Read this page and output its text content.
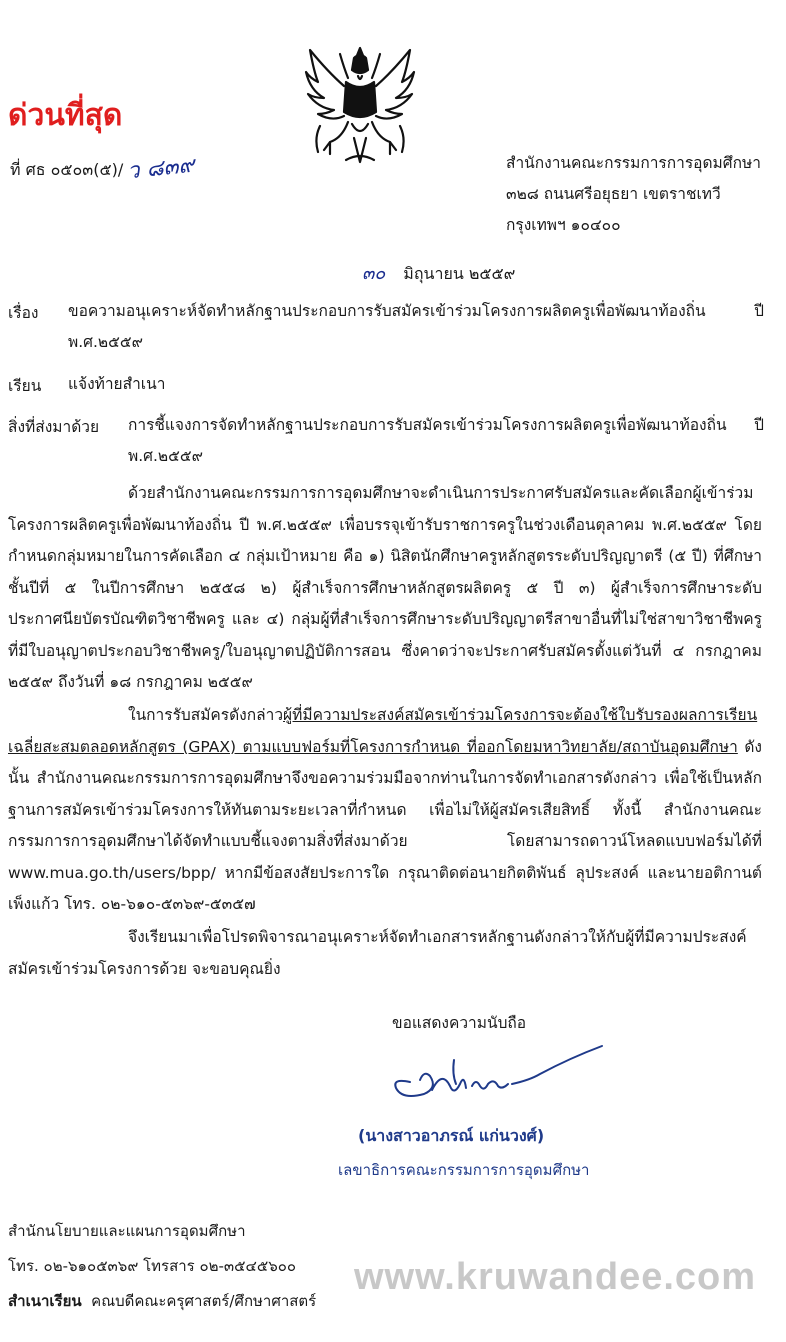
ด่วนที่สุด
ที่ ศธ ๐๕๐๓(๕)/ ว ๘๓๙	สำนักงานคณะกรรมการการอุดมศึกษา
๓๒๘ ถนนศรีอยุธยา เขตราชเทวี
กรุงเทพฯ ๑๐๔๐๐
๓๐ มิถุนายน ๒๕๕๙
เรื่อง ขอความอนุเคราะห์จัดทำหลักฐานประกอบการรับสมัครเข้าร่วมโครงการผลิตครูเพื่อพัฒนาท้องถิ่น ปี พ.ศ.๒๕๕๙
เรียน แจ้งท้ายสำเนา
สิ่งที่ส่งมาด้วย การชี้แจงการจัดทำหลักฐานประกอบการรับสมัครเข้าร่วมโครงการผลิตครูเพื่อพัฒนาท้องถิ่น ปี พ.ศ.๒๕๕๙
ด้วยสำนักงานคณะกรรมการการอุดมศึกษาจะดำเนินการประกาศรับสมัครและคัดเลือกผู้เข้าร่วมโครงการผลิตครูเพื่อพัฒนาท้องถิ่น ปี พ.ศ.๒๕๕๙ เพื่อบรรจุเข้ารับราชการครูในช่วงเดือนตุลาคม พ.ศ.๒๕๕๙ โดยกำหนดกลุ่มหมายในการคัดเลือก ๔ กลุ่มเป้าหมาย คือ ๑) นิสิตนักศึกษาครูหลักสูตรระดับปริญญาตรี (๕ ปี) ที่ศึกษาชั้นปีที่ ๕ ในปีการศึกษา ๒๕๕๘ ๒) ผู้สำเร็จการศึกษาหลักสูตรผลิตครู ๕ ปี ๓) ผู้สำเร็จการศึกษาระดับประกาศนียบัตรบัณฑิตวิชาชีพครู และ ๔) กลุ่มผู้ที่สำเร็จการศึกษาระดับปริญญาตรีสาขาอื่นที่ไม่ใช่สาขาวิชาชีพครูที่มีใบอนุญาตประกอบวิชาชีพครู/ใบอนุญาตปฏิบัติการสอน ซึ่งคาดว่าจะประกาศรับสมัครตั้งแต่วันที่ ๔ กรกฎาคม ๒๕๕๙ ถึงวันที่ ๑๘ กรกฎาคม ๒๕๕๙
ในการรับสมัครดังกล่าวผู้ที่มีความประสงค์สมัครเข้าร่วมโครงการจะต้องใช้ใบรับรองผลการเรียนเฉลี่ยสะสมตลอดหลักสูตร (GPAX) ตามแบบฟอร์มที่โครงการกำหนด ที่ออกโดยมหาวิทยาลัย/สถาบันอุดมศึกษา ดังนั้น สำนักงานคณะกรรมการการอุดมศึกษาจึงขอความร่วมมือจากท่านในการจัดทำเอกสารดังกล่าว เพื่อใช้เป็นหลักฐานการสมัครเข้าร่วมโครงการให้ทันตามระยะเวลาที่กำหนด เพื่อไม่ให้ผู้สมัครเสียสิทธิ์ ทั้งนี้ สำนักงานคณะกรรมการการอุดมศึกษาได้จัดทำแบบชี้แจงตามสิ่งที่ส่งมาด้วย โดยสามารถดาวน์โหลดแบบฟอร์มได้ที่ www.mua.go.th/users/bpp/ หากมีข้อสงสัยประการใด กรุณาติดต่อนายกิตติพันธ์ ลุประสงค์ และนายอติกานต์ เพ็งแก้ว โทร. ๐๒-๖๑๐-๕๓๖๙-๕๓๕๗
จึงเรียนมาเพื่อโปรดพิจารณาอนุเคราะห์จัดทำเอกสารหลักฐานดังกล่าวให้กับผู้ที่มีความประสงค์สมัครเข้าร่วมโครงการด้วย จะขอบคุณยิ่ง
ขอแสดงความนับถือ
(นางสาวอาภรณ์ แก่นวงศ์)
เลขาธิการคณะกรรมการการอุดมศึกษา
สำนักนโยบายและแผนการอุดมศึกษา
โทร. ๐๒-๖๑๐๕๓๖๙ โทรสาร ๐๒-๓๕๔๕๖๐๐
สำเนาเรียน คณบดีคณะครุศาสตร์/ศึกษาศาสตร์
www.kruwandee.com
